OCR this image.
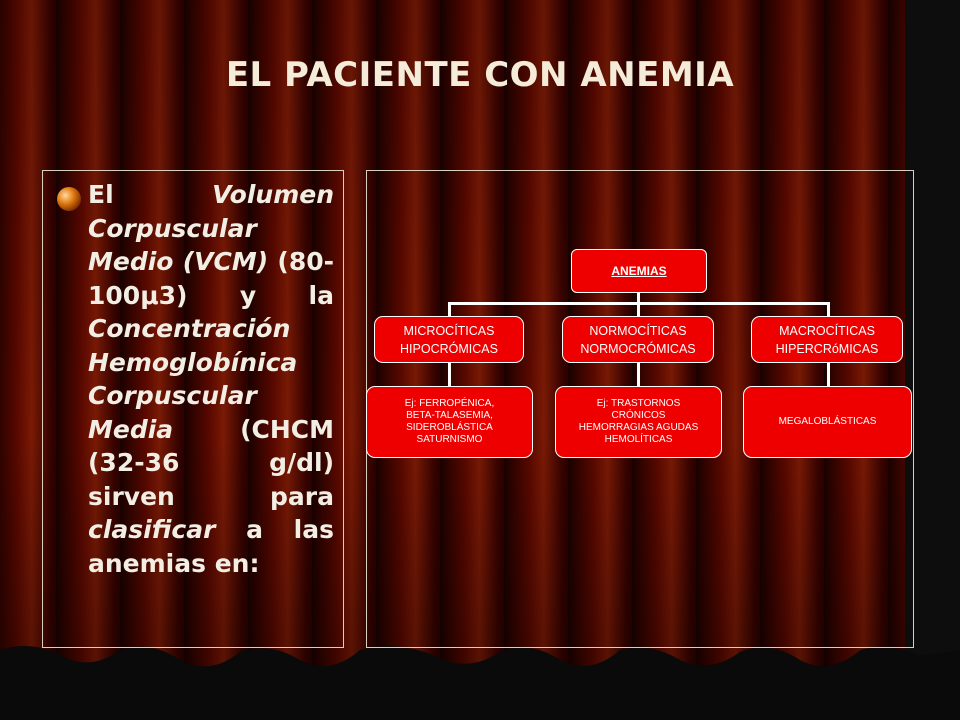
EL PACIENTE CON ANEMIA
El	Volumen Corpuscular Medio (VCM) (80-100μ3) y la Concentración Hemoglobínica Corpuscular Media	(CHCM (32-36	g/dl) sirven	para clasificar a las anemias en:
ANEMIAS
MICROCÍTICAS
HIPOCRÓMICAS
NORMOCÍTICAS
NORMOCRÓMICAS
MACROCÍTICAS
HIPERCRóMICAS
Ej: FERROPÉNICA,
BETA-TALASEMIA,
SIDEROBLÁSTICA
SATURNISMO
Ej: TRASTORNOS
CRÓNICOS
HEMORRAGIAS AGUDAS
HEMOLÍTICAS
MEGALOBLÁSTICAS
